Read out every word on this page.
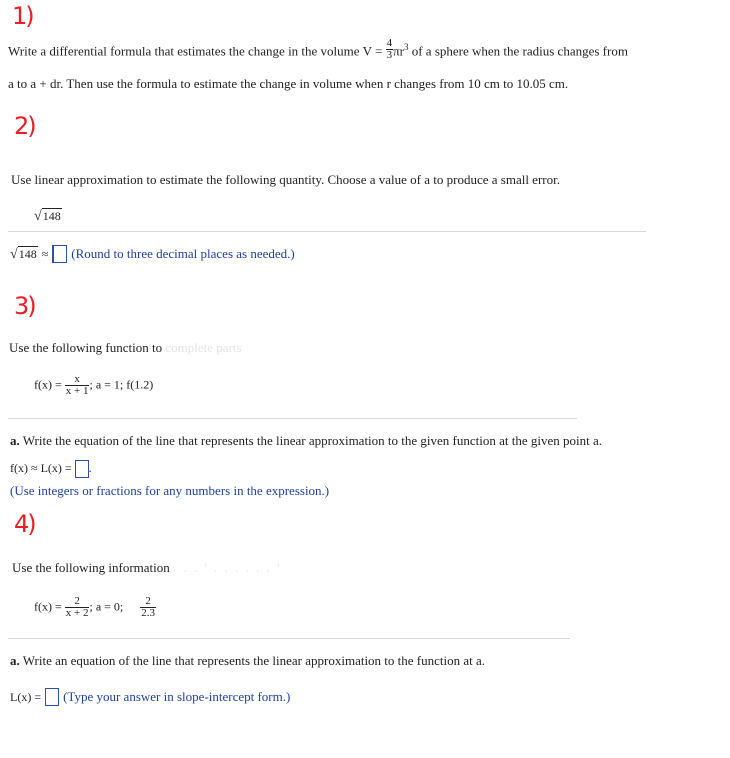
1)
Write a differential formula that estimates the change in the volume $V = \frac{4}{3} \pi r^3$ of a sphere when the radius changes from
a to a + dr. Then use the formula to estimate the change in volume when r changes from 10 cm to 10.05 cm.
2)
Use linear approximation to estimate the following quantity. Choose a value of a to produce a small error.
√148
√148 ≈ (Round to three decimal places as needed.)
3)
Use the following function to complete parts
$f(x) = \frac{x}{x + 1}$ ; a = 1; f(1.2)
a. Write the equation of the line that represents the linear approximation to the given function at the given point a.
f(x) ≈ L(x) = .
(Use integers or fractions for any numbers in the expression.)
4)
Use the following information . . . ' . . . . . . '
$f(x) = \frac{2}{x + 2}$ ; a = 0; $\frac{2}{2.3}$
a. Write an equation of the line that represents the linear approximation to the function at a.
L(x) = (Type your answer in slope-intercept form.)
